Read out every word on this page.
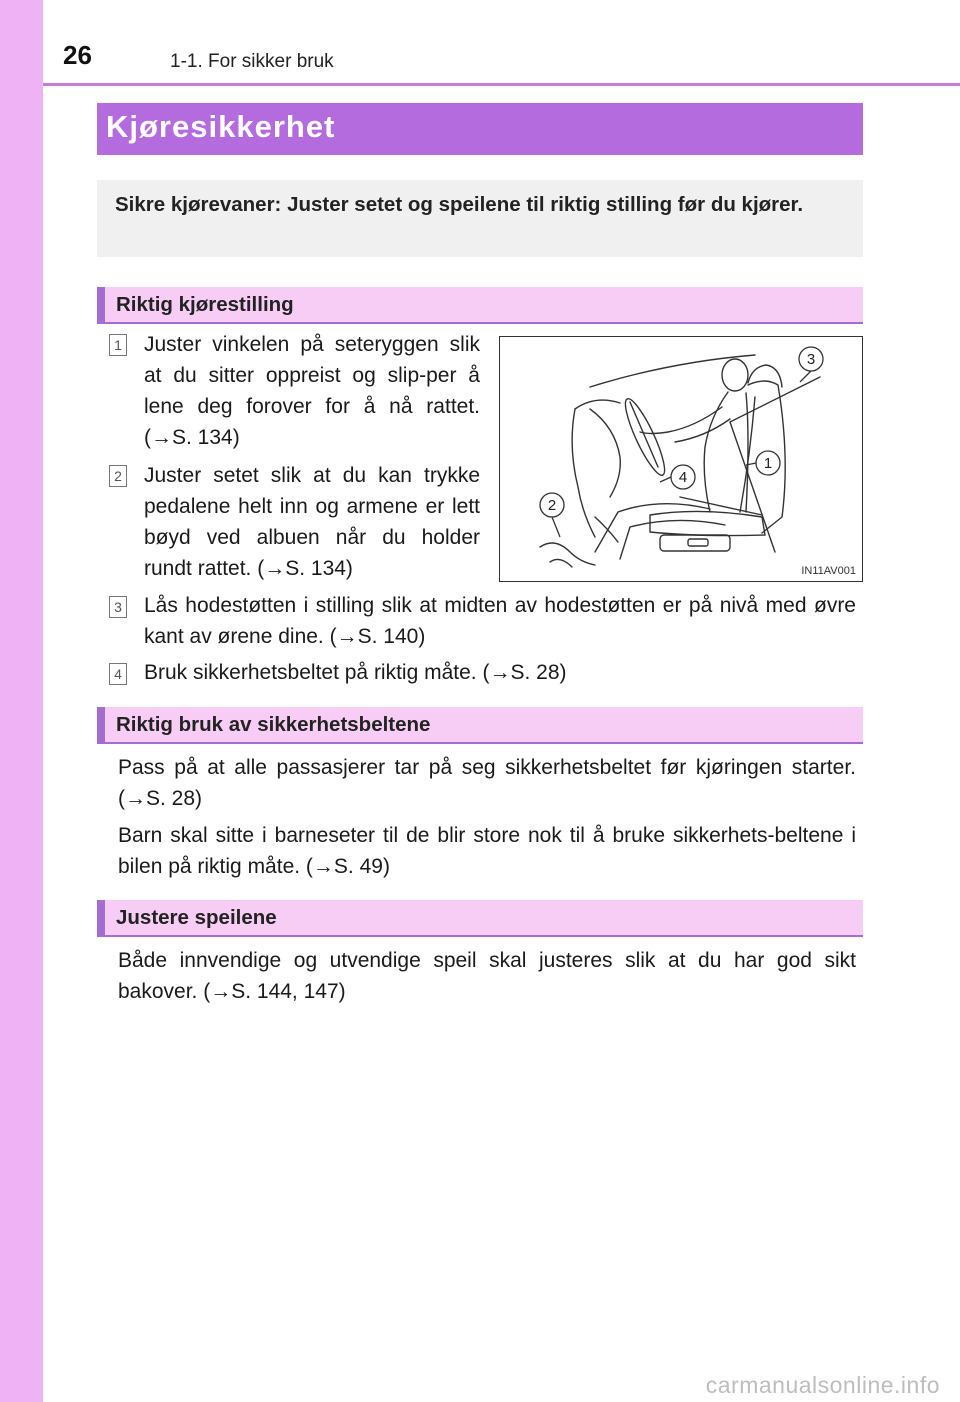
26	1-1. For sikker bruk
Kjøresikkerhet
Sikre kjørevaner: Juster setet og speilene til riktig stilling før du kjører.
Riktig kjørestilling
1 Juster vinkelen på seteryggen slik at du sitter oppreist og slip-per å lene deg forover for å nå rattet. (→S. 134)
2 Juster setet slik at du kan trykke pedalene helt inn og armene er lett bøyd ved albuen når du holder rundt rattet. (→S. 134)
3 Lås hodestøtten i stilling slik at midten av hodestøtten er på nivå med øvre kant av ørene dine. (→S. 140)
4 Bruk sikkerhetsbeltet på riktig måte. (→S. 28)
3
1
4
2
IN11AV001
Riktig bruk av sikkerhetsbeltene
Pass på at alle passasjerer tar på seg sikkerhetsbeltet før kjøringen starter. (→S. 28)
Barn skal sitte i barneseter til de blir store nok til å bruke sikkerhets-beltene i bilen på riktig måte. (→S. 49)
Justere speilene
Både innvendige og utvendige speil skal justeres slik at du har god sikt bakover. (→S. 144, 147)
carmanualsonline.info
